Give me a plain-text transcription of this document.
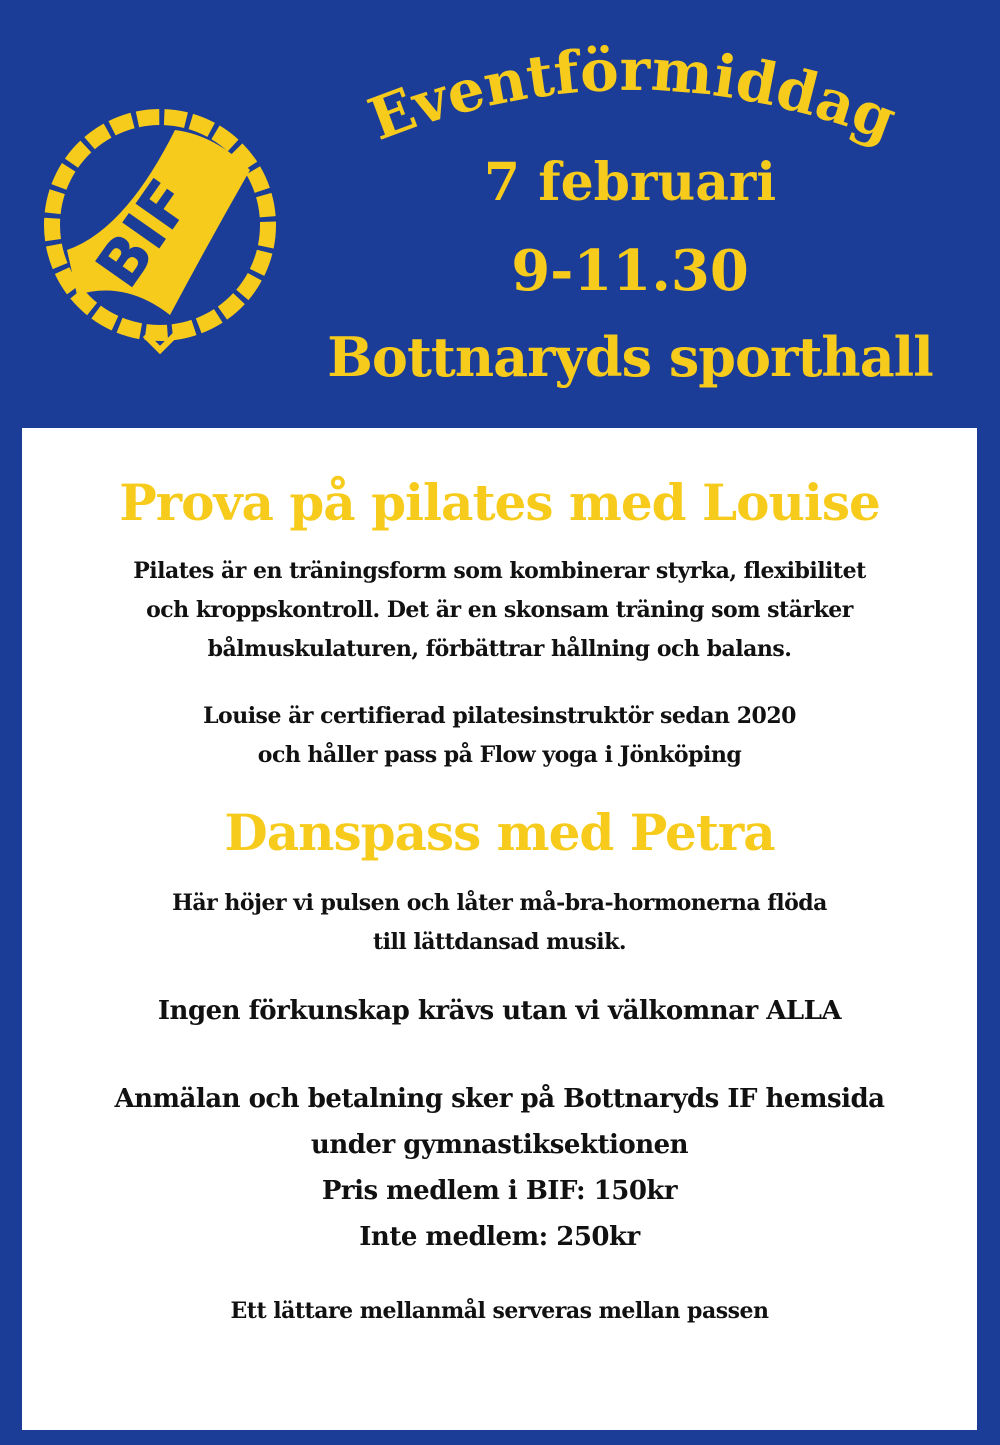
BIF
Eventförmiddag
7 februari
9-11.30
Bottnaryds sporthall
Prova på pilates med Louise

Pilates är en träningsform som kombinerar styrka, flexibilitet

och kroppskontroll. Det är en skonsam träning som stärker

bålmuskulaturen, förbättrar hållning och balans.

Louise är certifierad pilatesinstruktör sedan 2020

och håller pass på Flow yoga i Jönköping

Danspass med Petra

Här höjer vi pulsen och låter må-bra-hormonerna flöda

till lättdansad musik.

Ingen förkunskap krävs utan vi välkomnar ALLA

Anmälan och betalning sker på Bottnaryds IF hemsida

under gymnastiksektionen

Pris medlem i BIF: 150kr

Inte medlem: 250kr

Ett lättare mellanmål serveras mellan passen
